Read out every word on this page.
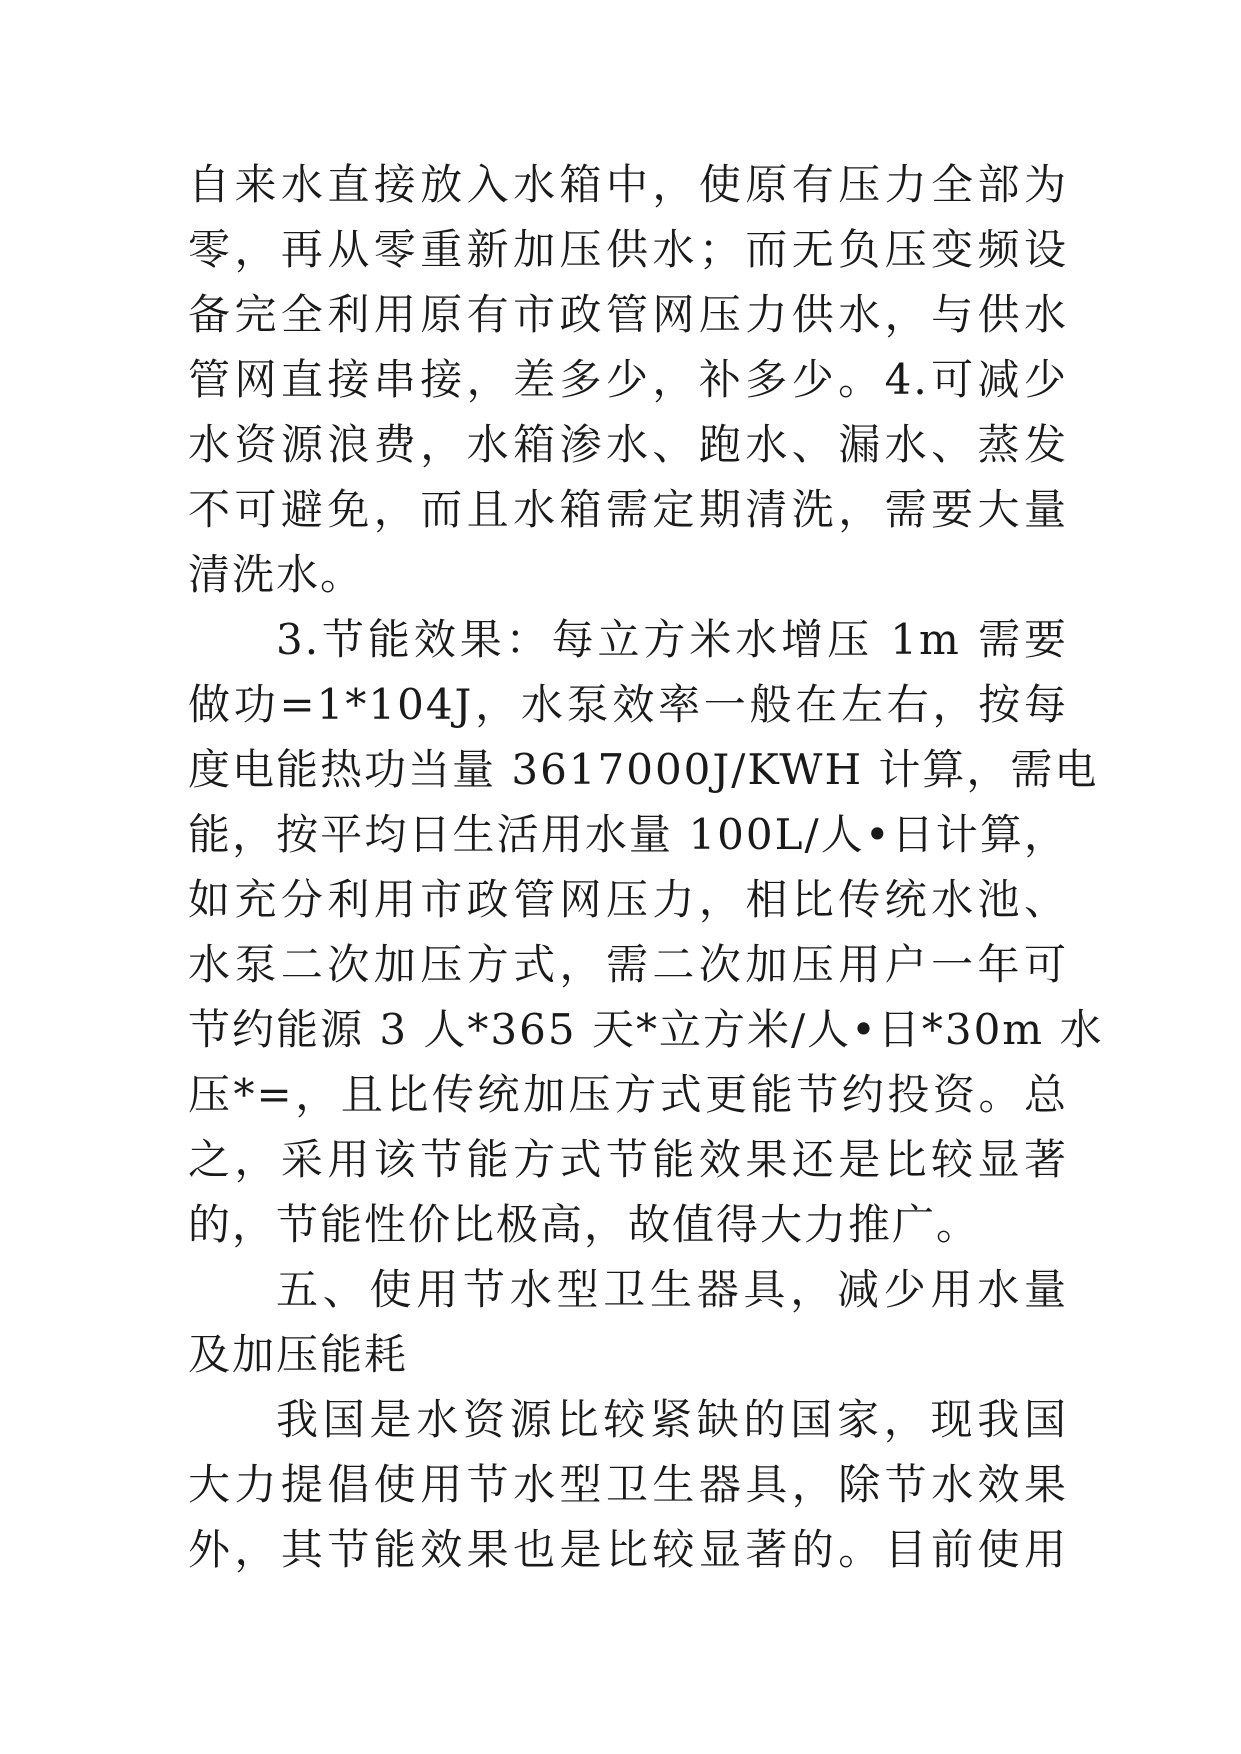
自来水直接放入水箱中，使原有压力全部为

零，再从零重新加压供水；而无负压变频设

备完全利用原有市政管网压力供水，与供水

管网直接串接，差多少，补多少。4.可减少

水资源浪费，水箱渗水、跑水、漏水、蒸发

不可避免，而且水箱需定期清洗，需要大量

清洗水。

3.节能效果：每立方米水增压 1m 需要

做功=1*104J，水泵效率一般在左右，按每

度电能热功当量 3617000J/KWH 计算，需电

能，按平均日生活用水量 100L/人•日计算，

如充分利用市政管网压力，相比传统水池、

水泵二次加压方式，需二次加压用户一年可

节约能源 3 人*365 天*立方米/人•日*30m 水

压*=，且比传统加压方式更能节约投资。总

之，采用该节能方式节能效果还是比较显著

的，节能性价比极高，故值得大力推广。

五、使用节水型卫生器具，减少用水量

及加压能耗

我国是水资源比较紧缺的国家，现我国

大力提倡使用节水型卫生器具，除节水效果

外，其节能效果也是比较显著的。目前使用
